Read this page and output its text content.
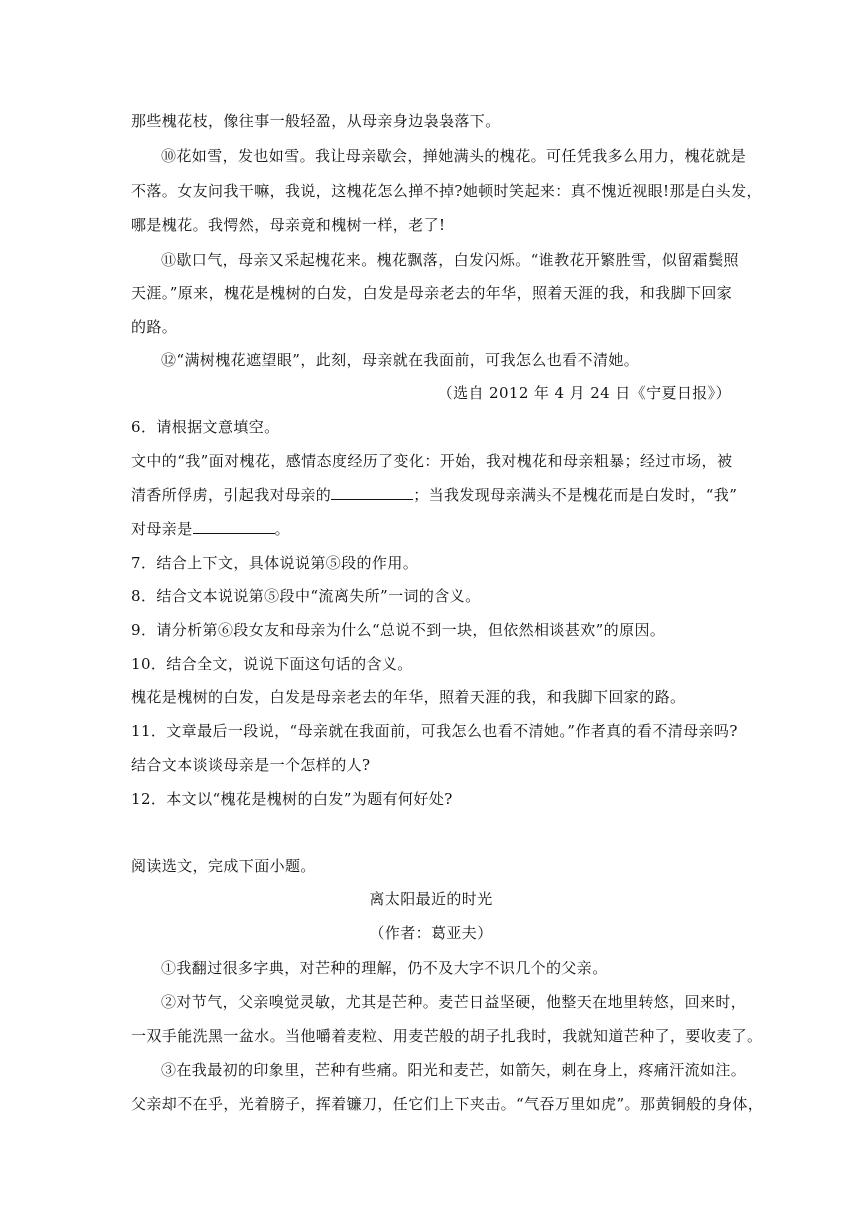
那些槐花枝，像往事一般轻盈，从母亲身边袅袅落下。
⑩花如雪，发也如雪。我让母亲歇会，掸她满头的槐花。可任凭我多么用力，槐花就是
不落。女友问我干嘛，我说，这槐花怎么掸不掉?她顿时笑起来：真不愧近视眼!那是白头发，
哪是槐花。我愕然，母亲竟和槐树一样，老了!
⑪歇口气，母亲又采起槐花来。槐花飘落，白发闪烁。“谁教花开繁胜雪，似留霜鬓照
天涯。”原来，槐花是槐树的白发，白发是母亲老去的年华，照着天涯的我，和我脚下回家
的路。
⑫“满树槐花遮望眼”，此刻，母亲就在我面前，可我怎么也看不清她。
（选自 2012 年 4 月 24 日《宁夏日报》）
6．请根据文意填空。
文中的“我”面对槐花，感情态度经历了变化：开始，我对槐花和母亲粗暴；经过市场，被
清香所俘虏，引起我对母亲的	；当我发现母亲满头不是槐花而是白发时，“我”
对母亲是	。
7．结合上下文，具体说说第⑤段的作用。
8．结合文本说说第⑤段中“流离失所”一词的含义。
9．请分析第⑥段女友和母亲为什么“总说不到一块，但依然相谈甚欢”的原因。
10．结合全文，说说下面这句话的含义。
槐花是槐树的白发，白发是母亲老去的年华，照着天涯的我，和我脚下回家的路。
11．文章最后一段说，“母亲就在我面前，可我怎么也看不清她。”作者真的看不清母亲吗?
结合文本谈谈母亲是一个怎样的人?
12．本文以“槐花是槐树的白发”为题有何好处?
阅读选文，完成下面小题。
离太阳最近的时光
（作者：葛亚夫）
①我翻过很多字典，对芒种的理解，仍不及大字不识几个的父亲。
②对节气，父亲嗅觉灵敏，尤其是芒种。麦芒日益坚硬，他整天在地里转悠，回来时，
一双手能洗黑一盆水。当他嚼着麦粒、用麦芒般的胡子扎我时，我就知道芒种了，要收麦了。
③在我最初的印象里，芒种有些痛。阳光和麦芒，如箭矢，刺在身上，疼痛汗流如注。
父亲却不在乎，光着膀子，挥着镰刀，任它们上下夹击。“气吞万里如虎”。那黄铜般的身体，
